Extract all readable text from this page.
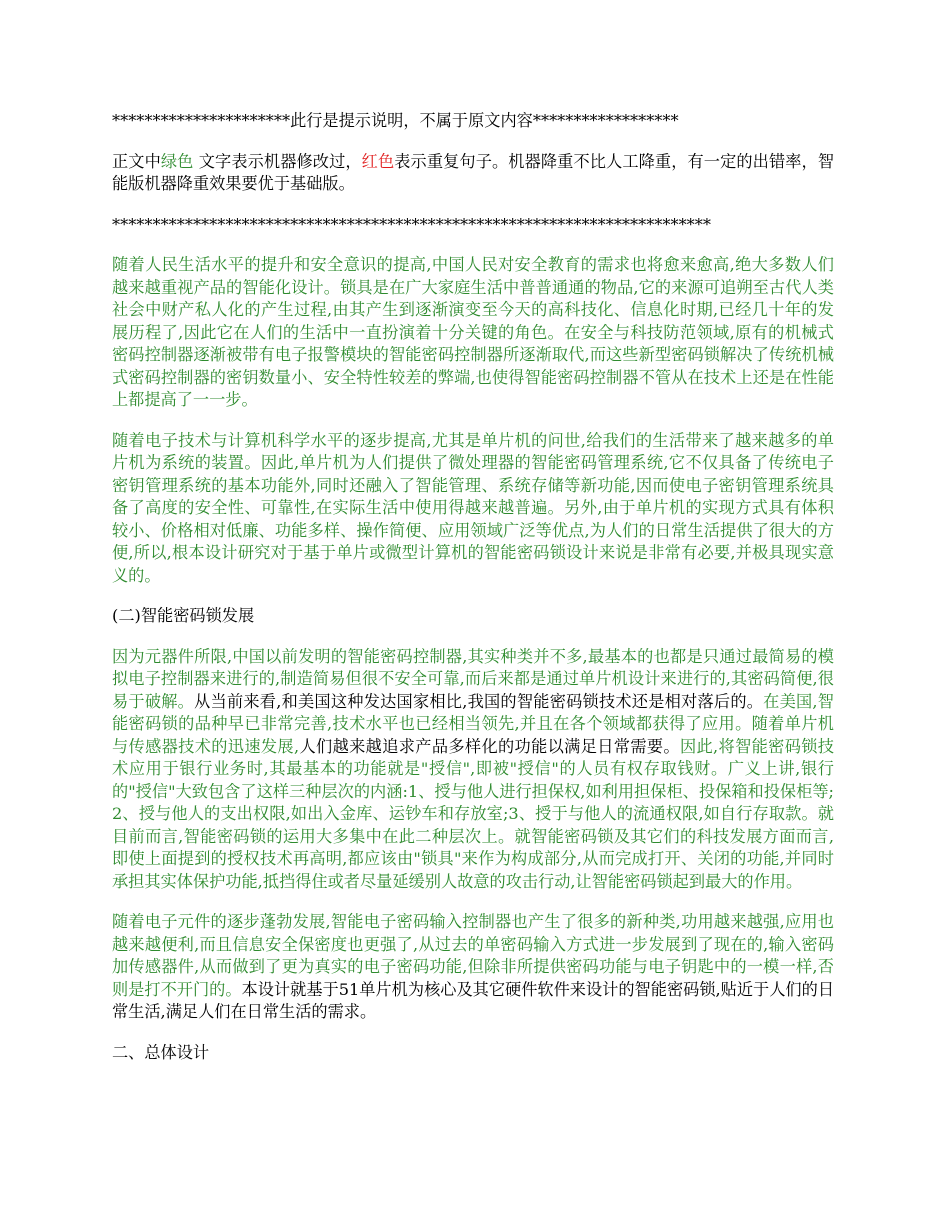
**********************此行是提示说明，不属于原文内容******************
正文中绿色 文字表示机器修改过，红色表示重复句子。机器降重不比人工降重，有一定的出错率，智能版机器降重效果要优于基础版。
**************************************************************************
随着人民生活水平的提升和安全意识的提高,中国人民对安全教育的需求也将愈来愈高,绝大多数人们越来越重视产品的智能化设计。锁具是在广大家庭生活中普普通通的物品,它的来源可追朔至古代人类社会中财产私人化的产生过程,由其产生到逐渐演变至今天的高科技化、信息化时期,已经几十年的发展历程了,因此它在人们的生活中一直扮演着十分关键的角色。在安全与科技防范领域,原有的机械式密码控制器逐渐被带有电子报警模块的智能密码控制器所逐渐取代,而这些新型密码锁解决了传统机械式密码控制器的密钥数量小、安全特性较差的弊端,也使得智能密码控制器不管从在技术上还是在性能上都提高了一一步。
随着电子技术与计算机科学水平的逐步提高,尤其是单片机的问世,给我们的生活带来了越来越多的单片机为系统的装置。因此,单片机为人们提供了微处理器的智能密码管理系统,它不仅具备了传统电子密钥管理系统的基本功能外,同时还融入了智能管理、系统存储等新功能,因而使电子密钥管理系统具备了高度的安全性、可靠性,在实际生活中使用得越来越普遍。另外,由于单片机的实现方式具有体积较小、价格相对低廉、功能多样、操作简便、应用领域广泛等优点,为人们的日常生活提供了很大的方便,所以,根本设计研究对于基于单片或微型计算机的智能密码锁设计来说是非常有必要,并极具现实意义的。
(二)智能密码锁发展
因为元器件所限,中国以前发明的智能密码控制器,其实种类并不多,最基本的也都是只通过最简易的模拟电子控制器来进行的,制造简易但很不安全可靠,而后来都是通过单片机设计来进行的,其密码简便,很易于破解。从当前来看,和美国这种发达国家相比,我国的智能密码锁技术还是相对落后的。在美国,智能密码锁的品种早已非常完善,技术水平也已经相当领先,并且在各个领域都获得了应用。随着单片机与传感器技术的迅速发展,人们越来越追求产品多样化的功能以满足日常需要。因此,将智能密码锁技术应用于银行业务时,其最基本的功能就是"授信",即被"授信"的人员有权存取钱财。广义上讲,银行的"授信"大致包含了这样三种层次的内涵:1、授与他人进行担保权,如利用担保柜、投保箱和投保柜等;2、授与他人的支出权限,如出入金库、运钞车和存放室;3、授于与他人的流通权限,如自行存取款。就目前而言,智能密码锁的运用大多集中在此二种层次上。就智能密码锁及其它们的科技发展方面而言,即使上面提到的授权技术再高明,都应该由"锁具"来作为构成部分,从而完成打开、关闭的功能,并同时承担其实体保护功能,抵挡得住或者尽量延缓别人故意的攻击行动,让智能密码锁起到最大的作用。
随着电子元件的逐步蓬勃发展,智能电子密码输入控制器也产生了很多的新种类,功用越来越强,应用也越来越便利,而且信息安全保密度也更强了,从过去的单密码输入方式进一步发展到了现在的,输入密码加传感器件,从而做到了更为真实的电子密码功能,但除非所提供密码功能与电子钥匙中的一模一样,否则是打不开门的。本设计就基于51单片机为核心及其它硬件软件来设计的智能密码锁,贴近于人们的日常生活,满足人们在日常生活的需求。
二、总体设计
